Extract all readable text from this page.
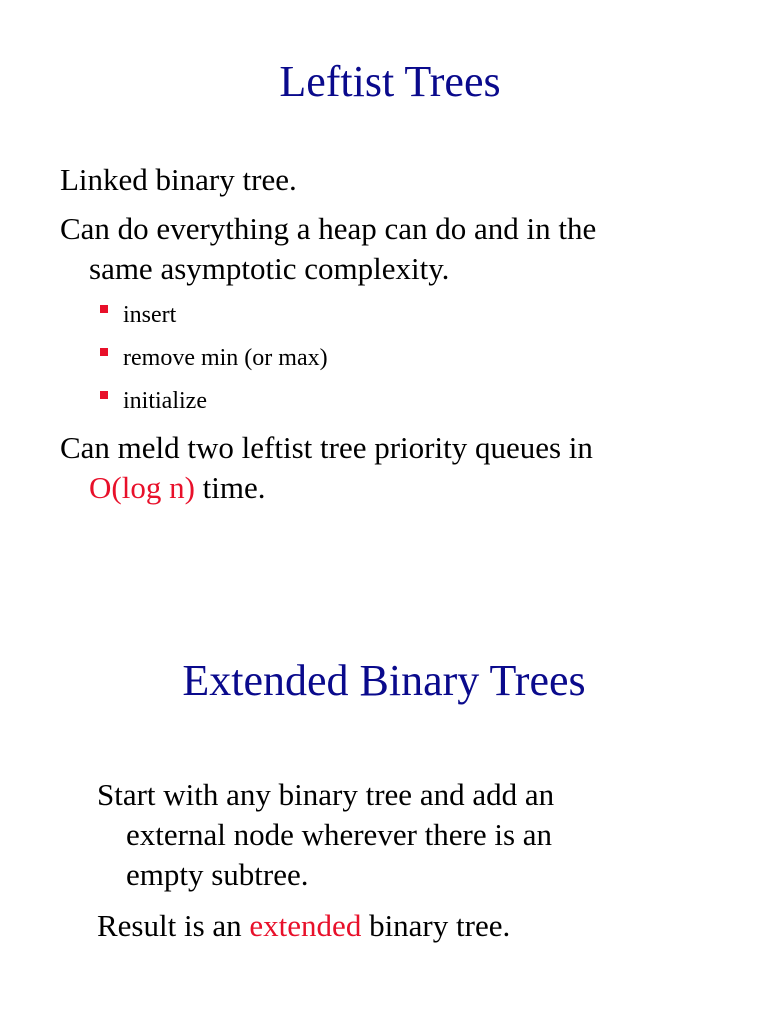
Leftist Trees

Linked binary tree.

Can do everything a heap can do and in the
same asymptotic complexity.

insert

remove min (or max)

initialize

Can meld two leftist tree priority queues in
O(log n) time.

Extended Binary Trees

Start with any binary tree and add an
external node wherever there is an
empty subtree.

Result is an extended binary tree.
